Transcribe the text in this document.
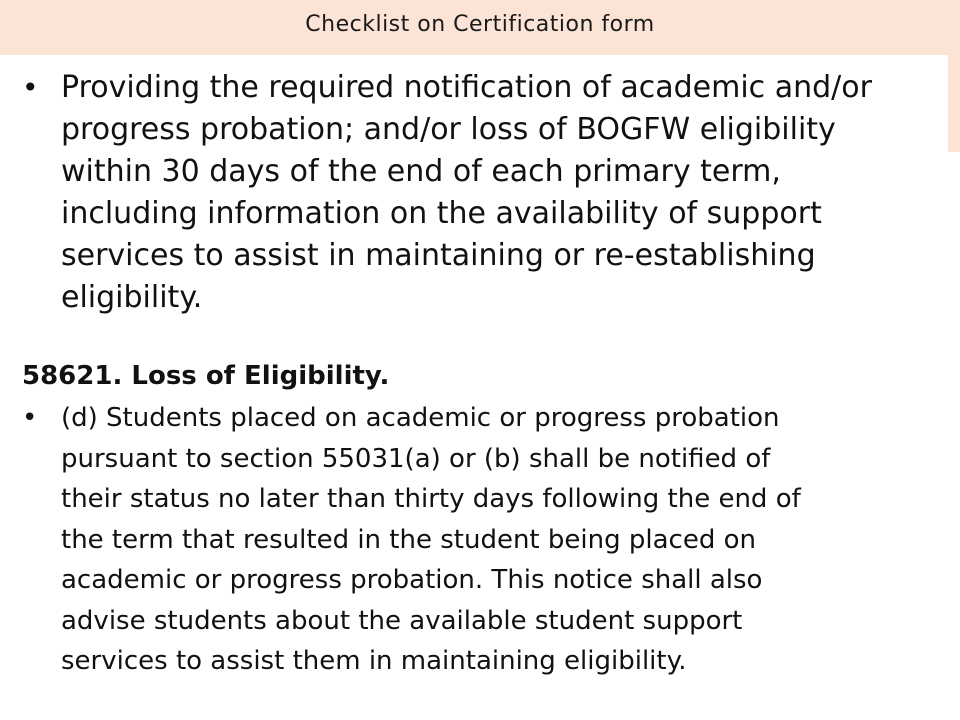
Checklist on Certification form
• Providing the required notification of academic and/or
progress probation; and/or loss of BOGFW eligibility
within 30 days of the end of each primary term,
including information on the availability of support
services to assist in maintaining or re-establishing
eligibility.
58621. Loss of Eligibility.
• (d) Students placed on academic or progress probation
pursuant to section 55031(a) or (b) shall be notified of
their status no later than thirty days following the end of
the term that resulted in the student being placed on
academic or progress probation. This notice shall also
advise students about the available student support
services to assist them in maintaining eligibility.
